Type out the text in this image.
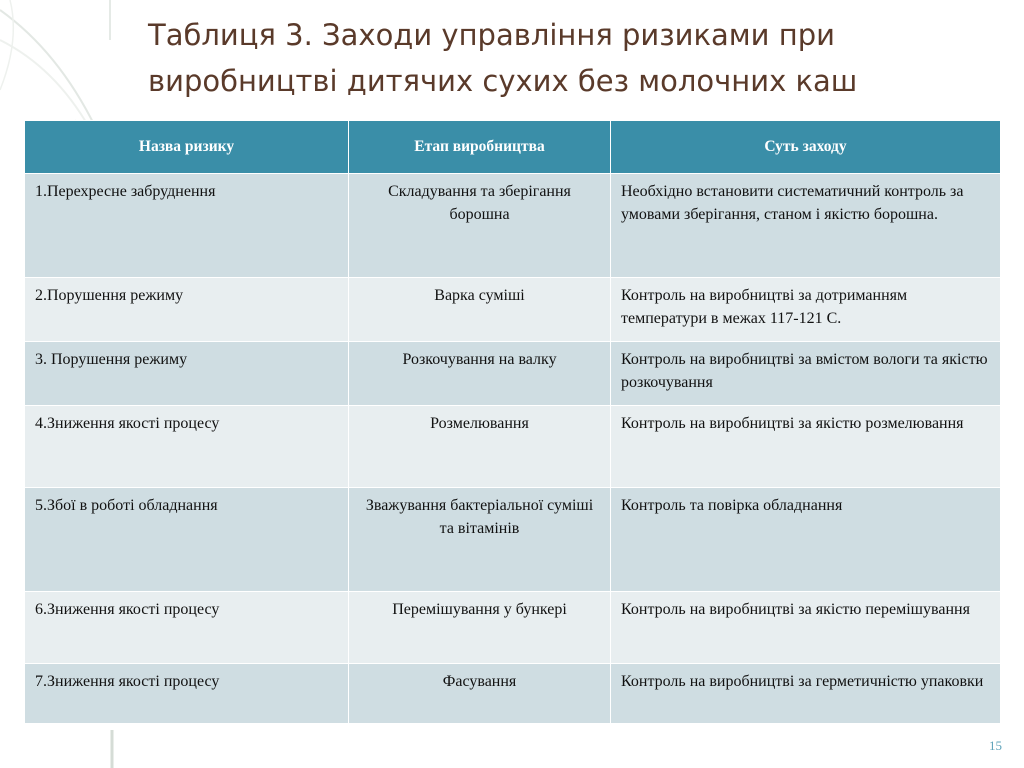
Таблиця 3. Заходи управління ризиками при виробництві дитячих сухих без молочних каш
Назва ризику	Етап виробництва	Суть заходу
1.Перехресне забруднення	Складування та зберігання борошна	Необхідно встановити систематичний контроль за умовами зберігання, станом і якістю борошна.
2.Порушення режиму	Варка суміші	Контроль на виробництві за дотриманням температури в межах 117-121 С.
3. Порушення режиму	Розкочування на валку	Контроль на виробництві за вмістом вологи та якістю розкочування
4.Зниження якості процесу	Розмелювання	Контроль на виробництві за якістю розмелювання
5.Збої в роботі обладнання	Зважування бактеріальної суміші та вітамінів	Контроль та повірка обладнання
6.Зниження якості процесу	Перемішування у бункері	Контроль на виробництві за якістю перемішування
7.Зниження якості процесу	Фасування	Контроль на виробництві за герметичністю упаковки
15
